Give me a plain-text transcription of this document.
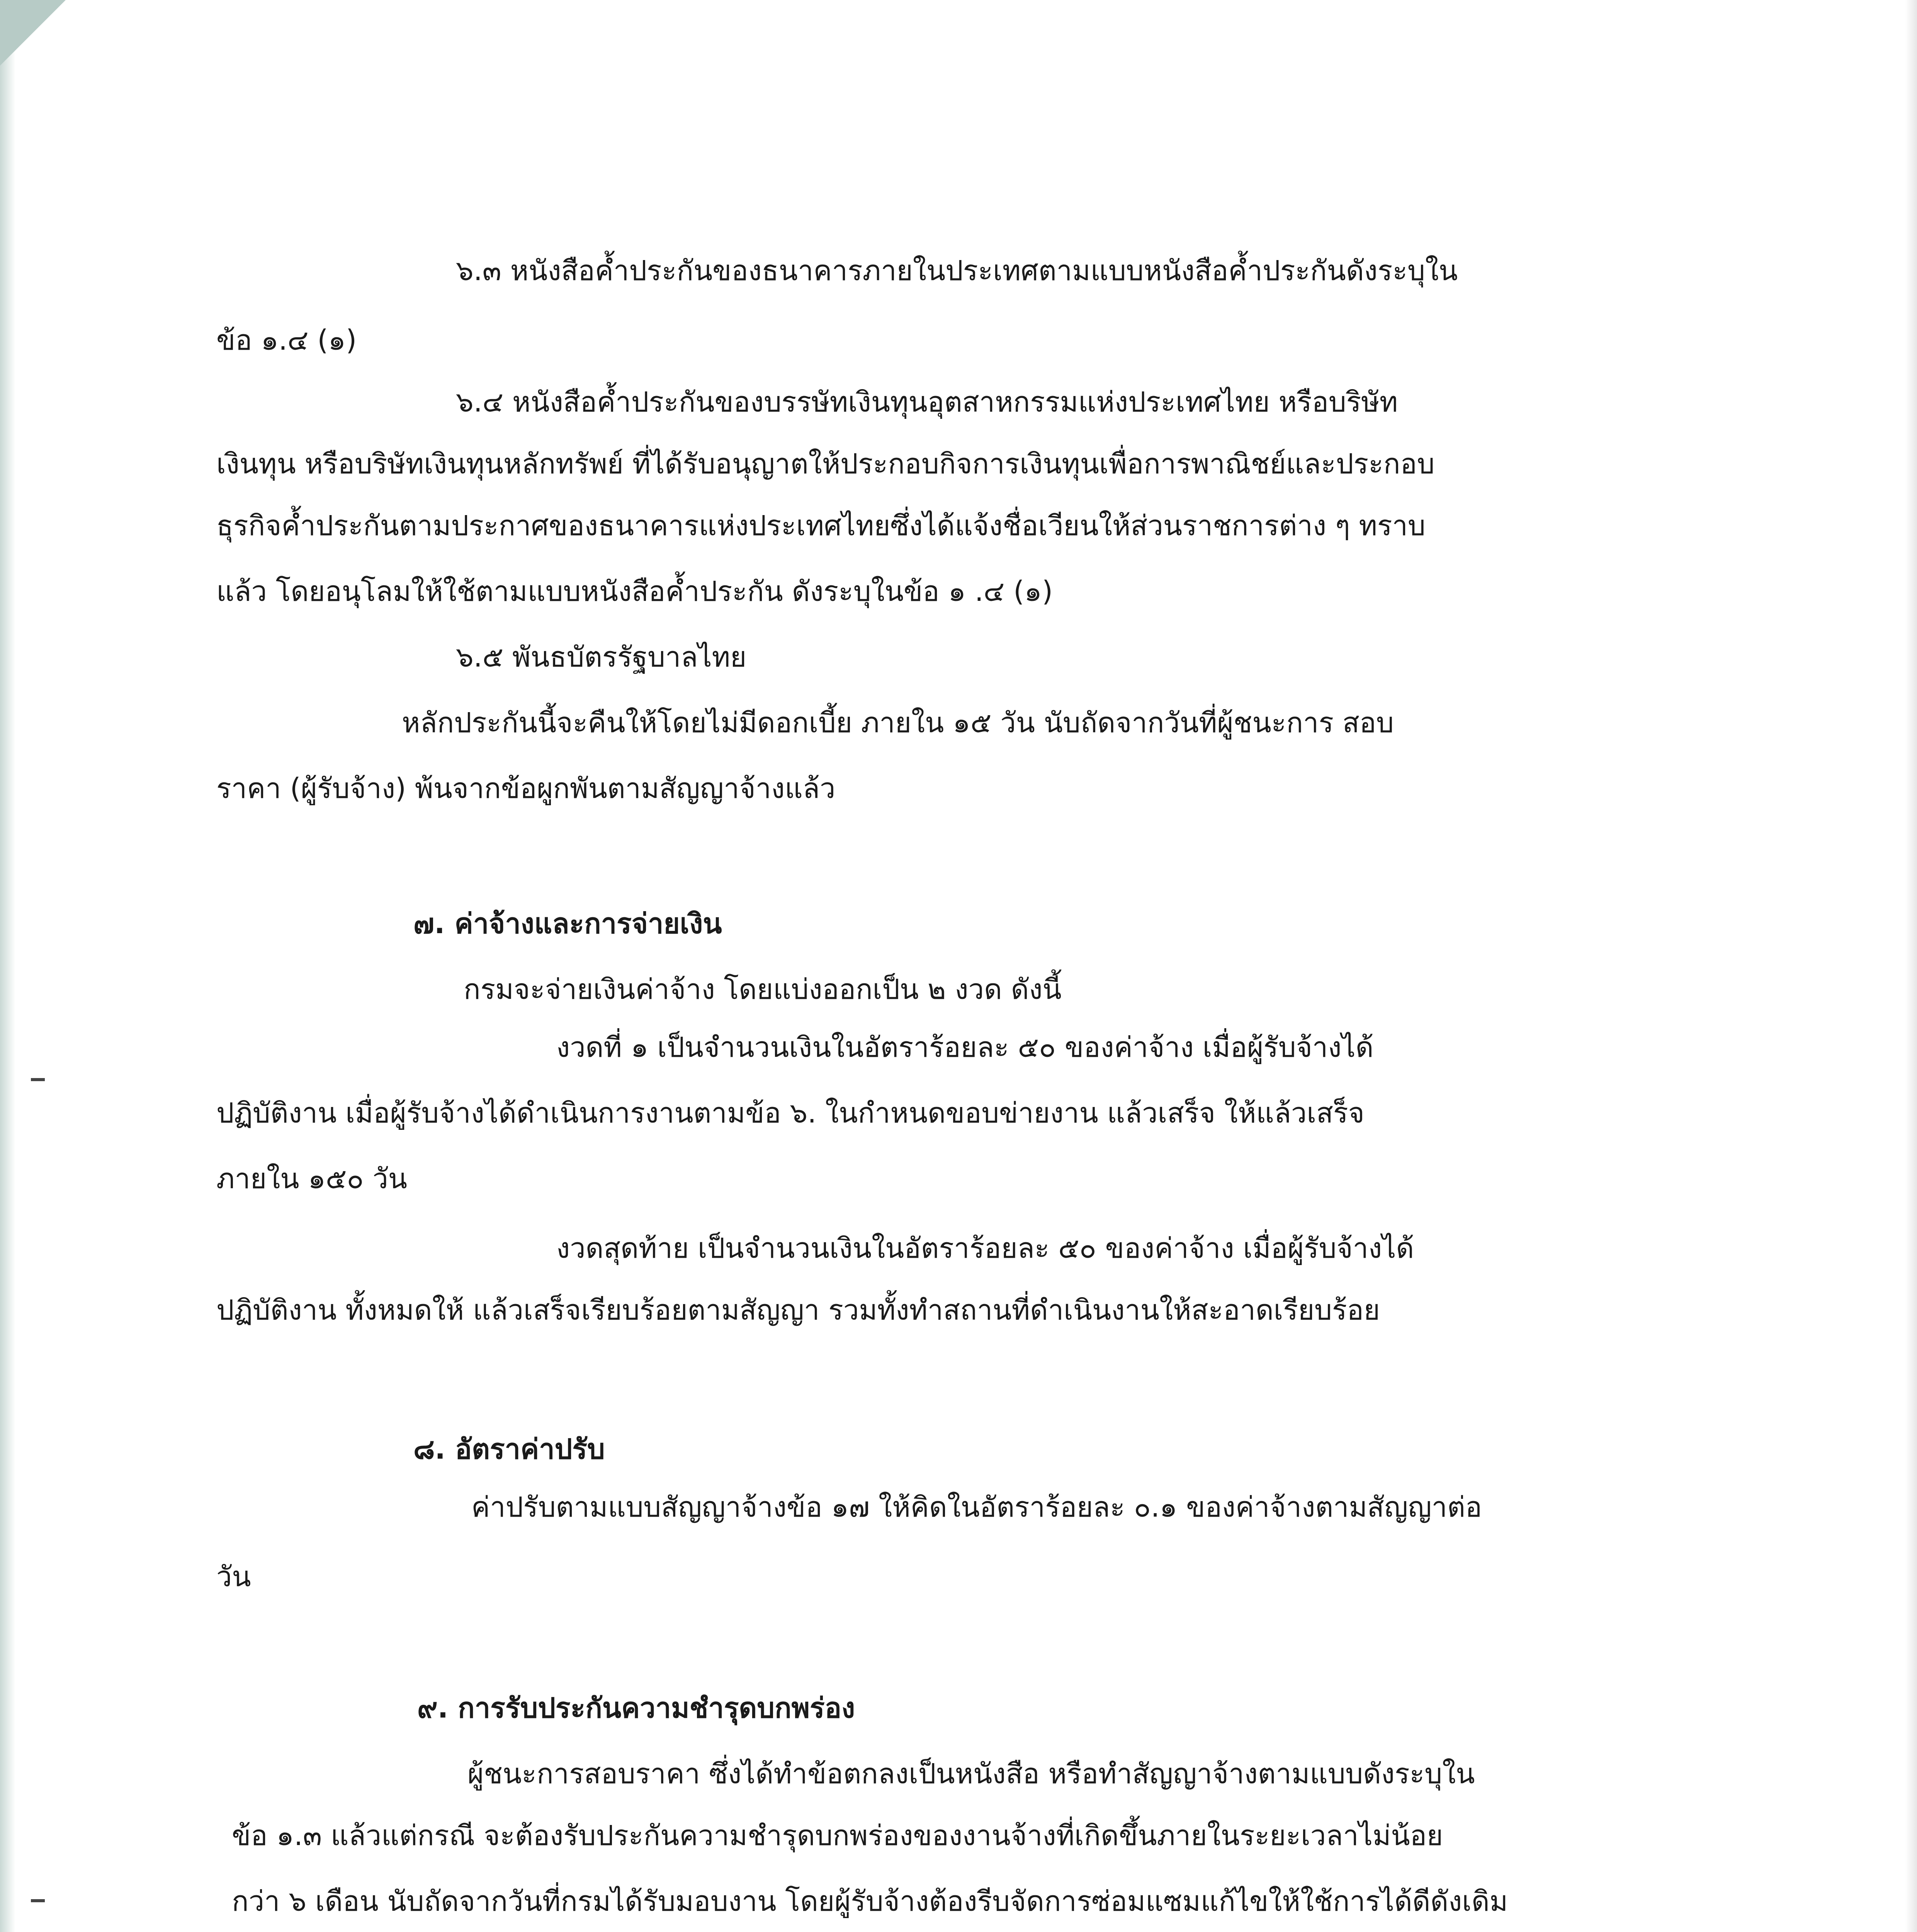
๖.๓ หนังสือค้ำประกันของธนาคารภายในประเทศตามแบบหนังสือค้ำประกันดังระบุใน
ข้อ ๑.๔ (๑)
๖.๔ หนังสือค้ำประกันของบรรษัทเงินทุนอุตสาหกรรมแห่งประเทศไทย หรือบริษัท
เงินทุน หรือบริษัทเงินทุนหลักทรัพย์ ที่ได้รับอนุญาตให้ประกอบกิจการเงินทุนเพื่อการพาณิชย์และประกอบ
ธุรกิจค้ำประกันตามประกาศของธนาคารแห่งประเทศไทยซึ่งได้แจ้งชื่อเวียนให้ส่วนราชการต่าง ๆ ทราบ
แล้ว โดยอนุโลมให้ใช้ตามแบบหนังสือค้ำประกัน ดังระบุในข้อ ๑ .๔ (๑)
๖.๕ พันธบัตรรัฐบาลไทย
หลักประกันนี้จะคืนให้โดยไม่มีดอกเบี้ย ภายใน ๑๕ วัน นับถัดจากวันที่ผู้ชนะการ สอบ
ราคา (ผู้รับจ้าง) พ้นจากข้อผูกพันตามสัญญาจ้างแล้ว
๗. ค่าจ้างและการจ่ายเงิน
กรมจะจ่ายเงินค่าจ้าง โดยแบ่งออกเป็น ๒ งวด ดังนี้
งวดที่ ๑ เป็นจำนวนเงินในอัตราร้อยละ ๕๐ ของค่าจ้าง เมื่อผู้รับจ้างได้
ปฏิบัติงาน เมื่อผู้รับจ้างได้ดำเนินการงานตามข้อ ๖. ในกำหนดขอบข่ายงาน แล้วเสร็จ ให้แล้วเสร็จ
ภายใน ๑๕๐ วัน
งวดสุดท้าย เป็นจำนวนเงินในอัตราร้อยละ ๕๐ ของค่าจ้าง เมื่อผู้รับจ้างได้
ปฏิบัติงาน ทั้งหมดให้ แล้วเสร็จเรียบร้อยตามสัญญา รวมทั้งทำสถานที่ดำเนินงานให้สะอาดเรียบร้อย
๘. อัตราค่าปรับ
ค่าปรับตามแบบสัญญาจ้างข้อ ๑๗ ให้คิดในอัตราร้อยละ ๐.๑ ของค่าจ้างตามสัญญาต่อ
วัน
๙. การรับประกันความชำรุดบกพร่อง
ผู้ชนะการสอบราคา ซึ่งได้ทำข้อตกลงเป็นหนังสือ หรือทำสัญญาจ้างตามแบบดังระบุใน
ข้อ ๑.๓ แล้วแต่กรณี จะต้องรับประกันความชำรุดบกพร่องของงานจ้างที่เกิดขึ้นภายในระยะเวลาไม่น้อย
กว่า ๖ เดือน นับถัดจากวันที่กรมได้รับมอบงาน โดยผู้รับจ้างต้องรีบจัดการซ่อมแซมแก้ไขให้ใช้การได้ดีดังเดิม
